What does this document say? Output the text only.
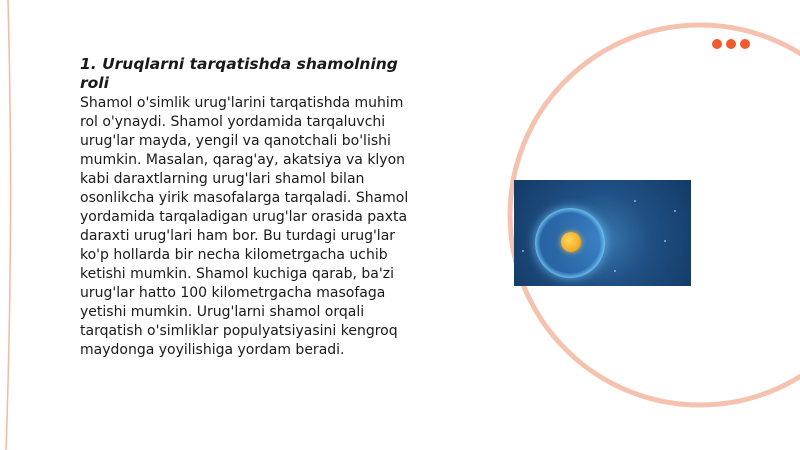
1. Uruqlarni tarqatishda shamolning roli

Shamol o'simlik urug'larini tarqatishda muhim rol o'ynaydi. Shamol yordamida tarqaluvchi urug'lar mayda, yengil va qanotchali bo'lishi mumkin. Masalan, qarag'ay, akatsiya va klyon kabi daraxtlarning urug'lari shamol bilan osonlikcha yirik masofalarga tarqaladi. Shamol yordamida tarqaladigan urug'lar orasida paxta daraxti urug'lari ham bor. Bu turdagi urug'lar ko'p hollarda bir necha kilometrgacha uchib ketishi mumkin. Shamol kuchiga qarab, ba'zi urug'lar hatto 100 kilometrgacha masofaga yetishi mumkin. Urug'larni shamol orqali tarqatish o'simliklar populyatsiyasini kengroq maydonga yoyilishiga yordam beradi.
